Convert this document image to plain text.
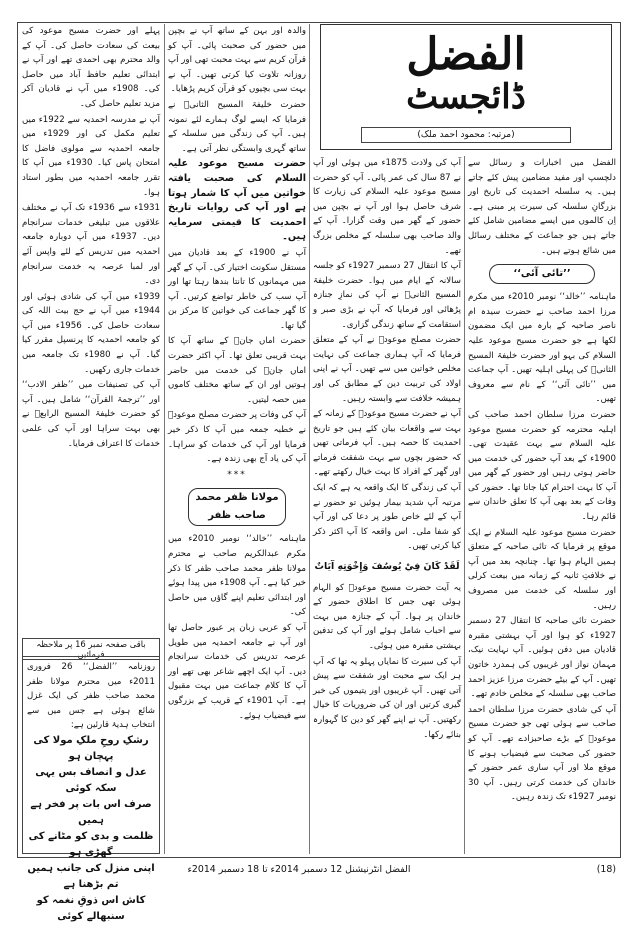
الفضل
ڈائجسٹ
(مرتبہ: محمود احمد ملک)

الفضل میں اخبارات و رسائل سے دلچسپ اور مفید مضامین پیش کئے جاتے ہیں۔ یہ سلسلہ احمدیت کی تاریخ اور بزرگانِ سلسلہ کی سیرت پر مبنی ہے۔ اِن کالموں میں ایسے مضامین شامل کئے جاتے ہیں جو جماعت کے مختلف رسائل میں شائع ہوتے ہیں۔

’’تائی آئی‘‘

ماہنامہ ’’خالد‘‘ نومبر 2010ء میں مکرم مرزا احمد صاحب نے حضرت سیدہ ام ناصر صاحبہ کے بارہ میں ایک مضمون لکھا ہے جو حضرت مسیح موعود علیہ السلام کی بہو اور حضرت خلیفۃ المسیح الثانیؓ کی پہلی اہلیہ تھیں۔ آپ جماعت میں ’’تائی آئی‘‘ کے نام سے معروف تھیں۔

حضرت مرزا سلطان احمد صاحب کی اہلیہ محترمہ کو حضرت مسیح موعود علیہ السلام سے بہت عقیدت تھی۔ 1900ء کے بعد آپ حضور کی خدمت میں حاضر ہوتی رہیں اور حضور کے گھر میں آپ کا بہت احترام کیا جاتا تھا۔ حضور کی وفات کے بعد بھی آپ کا تعلق خاندان سے قائم رہا۔

حضرت مسیح موعود علیہ السلام نے ایک موقع پر فرمایا کہ تائی صاحبہ کے متعلق ہمیں الہام ہوا تھا۔ چنانچہ بعد میں آپ نے خلافتِ ثانیہ کے زمانہ میں بیعت کرلی اور سلسلہ کی خدمت میں مصروف رہیں۔

حضرت تائی صاحبہ کا انتقال 27 دسمبر 1927ء کو ہوا اور آپ بہشتی مقبرہ قادیان میں دفن ہوئیں۔ آپ نہایت نیک، مہمان نواز اور غریبوں کی ہمدرد خاتون تھیں۔ آپ کے بیٹے حضرت مرزا عزیز احمد صاحب بھی سلسلہ کے مخلص خادم تھے۔

آپ کی شادی حضرت مرزا سلطان احمد صاحب سے ہوئی تھی جو حضرت مسیح موعودؑ کے بڑے صاحبزادے تھے۔ آپ کو حضور کی صحبت سے فیضیاب ہونے کا موقع ملا اور آپ ساری عمر حضور کے خاندان کی خدمت کرتی رہیں۔ آپ 30 نومبر 1927ء تک زندہ رہیں۔

آپ کی ولادت 1875ء میں ہوئی اور آپ نے 87 سال کی عمر پائی۔ آپ کو حضرت مسیح موعود علیہ السلام کی زیارت کا شرف حاصل ہوا اور آپ نے بچپن میں حضور کے گھر میں وقت گزارا۔ آپ کے والد صاحب بھی سلسلہ کے مخلص بزرگ تھے۔

آپ کا انتقال 27 دسمبر 1927ء کو جلسہ سالانہ کے ایام میں ہوا۔ حضرت خلیفۃ المسیح الثانیؓ نے آپ کی نمازِ جنازہ پڑھائی اور فرمایا کہ آپ نے بڑی صبر و استقامت کے ساتھ زندگی گزاری۔

حضرت مصلح موعودؓ نے آپ کے متعلق فرمایا کہ آپ ہماری جماعت کی نہایت مخلص خواتین میں سے تھیں۔ آپ نے اپنی اولاد کی تربیت دین کے مطابق کی اور ہمیشہ خلافت سے وابستہ رہیں۔

آپ نے حضرت مسیح موعودؑ کے زمانہ کے بہت سے واقعات بیان کئے ہیں جو تاریخ احمدیت کا حصہ ہیں۔ آپ فرماتی تھیں کہ حضور بچوں سے بہت شفقت فرماتے اور گھر کے افراد کا بہت خیال رکھتے تھے۔

آپ کی زندگی کا ایک واقعہ یہ ہے کہ ایک مرتبہ آپ شدید بیمار ہوئیں تو حضور نے آپ کے لئے خاص طور پر دعا کی اور آپ کو شفا ملی۔ اس واقعہ کا آپ اکثر ذکر کیا کرتی تھیں۔

لَقَدْ كَانَ فِيْ يُوسُفَ وَإِخْوَتِهِ آيَاتٌ

یہ آیت حضرت مسیح موعودؑ کو الہام ہوئی تھی جس کا اطلاق حضور کے خاندان پر ہوا۔ آپ کے جنازہ میں بہت سے احباب شامل ہوئے اور آپ کی تدفین بہشتی مقبرہ میں ہوئی۔

آپ کی سیرت کا نمایاں پہلو یہ تھا کہ آپ ہر ایک سے محبت اور شفقت سے پیش آتی تھیں۔ آپ غریبوں اور یتیموں کی خبر گیری کرتیں اور ان کی ضروریات کا خیال رکھتیں۔ آپ نے اپنے گھر کو دین کا گہوارہ بنائے رکھا۔

والدہ اور بہن کے ساتھ آپ نے بچپن میں حضور کی صحبت پائی۔ آپ کو قرآن کریم سے بہت محبت تھی اور آپ روزانہ تلاوت کیا کرتی تھیں۔ آپ نے بہت سی بچیوں کو قرآن کریم پڑھایا۔

حضرت خلیفۃ المسیح الثانیؓ نے فرمایا کہ ایسے لوگ ہمارے لئے نمونہ ہیں۔ آپ کی زندگی میں سلسلہ کے ساتھ گہری وابستگی نظر آتی ہے۔

حضرت مسیح موعود علیہ السلام کی صحبت یافتہ خواتین میں آپ کا شمار ہوتا ہے اور آپ کی روایات تاریخ احمدیت کا قیمتی سرمایہ ہیں۔

آپ نے 1900ء کے بعد قادیان میں مستقل سکونت اختیار کی۔ آپ کے گھر میں مہمانوں کا تانتا بندھا رہتا تھا اور آپ سب کی خاطر تواضع کرتیں۔ آپ کا گھر جماعت کی خواتین کا مرکز بن گیا تھا۔

حضرت اماں جانؓ کے ساتھ آپ کا بہت قریبی تعلق تھا۔ آپ اکثر حضرت اماں جانؓ کی خدمت میں حاضر ہوتیں اور ان کے ساتھ مختلف کاموں میں حصہ لیتیں۔

آپ کی وفات پر حضرت مصلح موعودؓ نے خطبہ جمعہ میں آپ کا ذکر خیر فرمایا اور آپ کی خدمات کو سراہا۔ آپ کی یاد آج بھی زندہ ہے۔

***
مولانا ظفر محمد صاحب ظفر

ماہنامہ ’’خالد‘‘ نومبر 2010ء میں مکرم عبدالکریم صاحب نے محترم مولانا ظفر محمد صاحب ظفر کا ذکر خیر کیا ہے۔ آپ 1908ء میں پیدا ہوئے اور ابتدائی تعلیم اپنے گاؤں میں حاصل کی۔

آپ کو عربی زبان پر عبور حاصل تھا اور آپ نے جامعہ احمدیہ میں طویل عرصہ تدریس کی خدمات سرانجام دیں۔ آپ ایک اچھے شاعر بھی تھے اور آپ کا کلام جماعت میں بہت مقبول ہے۔ آپ 1901ء کے قریب کے بزرگوں سے فیضیاب ہوئے۔

پہلے اور حضرت مسیح موعود کی بیعت کی سعادت حاصل کی۔ آپ کے والد محترم بھی احمدی تھے اور آپ نے ابتدائی تعلیم حافظ آباد میں حاصل کی۔ 1908ء میں آپ نے قادیان آکر مزید تعلیم حاصل کی۔

آپ نے مدرسہ احمدیہ سے 1922ء میں تعلیم مکمل کی اور 1929ء میں جامعہ احمدیہ سے مولوی فاضل کا امتحان پاس کیا۔ 1930ء میں آپ کا تقرر جامعہ احمدیہ میں بطور استاد ہوا۔

1931ء سے 1936ء تک آپ نے مختلف علاقوں میں تبلیغی خدمات سرانجام دیں۔ 1937ء میں آپ دوبارہ جامعہ احمدیہ میں تدریس کے لئے واپس آئے اور لمبا عرصہ یہ خدمت سرانجام دی۔

1939ء میں آپ کی شادی ہوئی اور 1944ء میں آپ نے حج بیت اللہ کی سعادت حاصل کی۔ 1956ء میں آپ کو جامعہ احمدیہ کا پرنسپل مقرر کیا گیا۔ آپ نے 1980ء تک جامعہ میں خدمات جاری رکھیں۔

آپ کی تصنیفات میں ’’ظفر الادب‘‘ اور ’’ترجمۃ القرآن‘‘ شامل ہیں۔ آپ کو حضرت خلیفۃ المسیح الرابعؒ نے بھی بہت سراہا اور آپ کی علمی خدمات کا اعتراف فرمایا۔

باقی صفحہ نمبر 16 پر ملاحظہ فرمائیں
روزنامہ ’’الفضل‘‘ 26 فروری 2011ء میں محترم مولانا ظفر محمد صاحب ظفر کی ایک غزل شائع ہوئی ہے جس میں سے انتخاب ہدیۂ قارئین ہے:
رشکِ روحِ ملکِ مولا کی پہچان ہو
عدل و انصاف بس یہی سکہ کوئی
صرف اس بات پر فخر ہے ہمیں
ظلمت و بدی کو مٹانے کی گھڑی ہو
اپنی منزل کی جانب ہمیں تم بڑھنا ہے
کاش اس ذوقِ نغمہ کو سنبھالے کوئی
الفضل انٹرنیشنل 12 دسمبر 2014ء تا 18 دسمبر 2014ء	(18)
